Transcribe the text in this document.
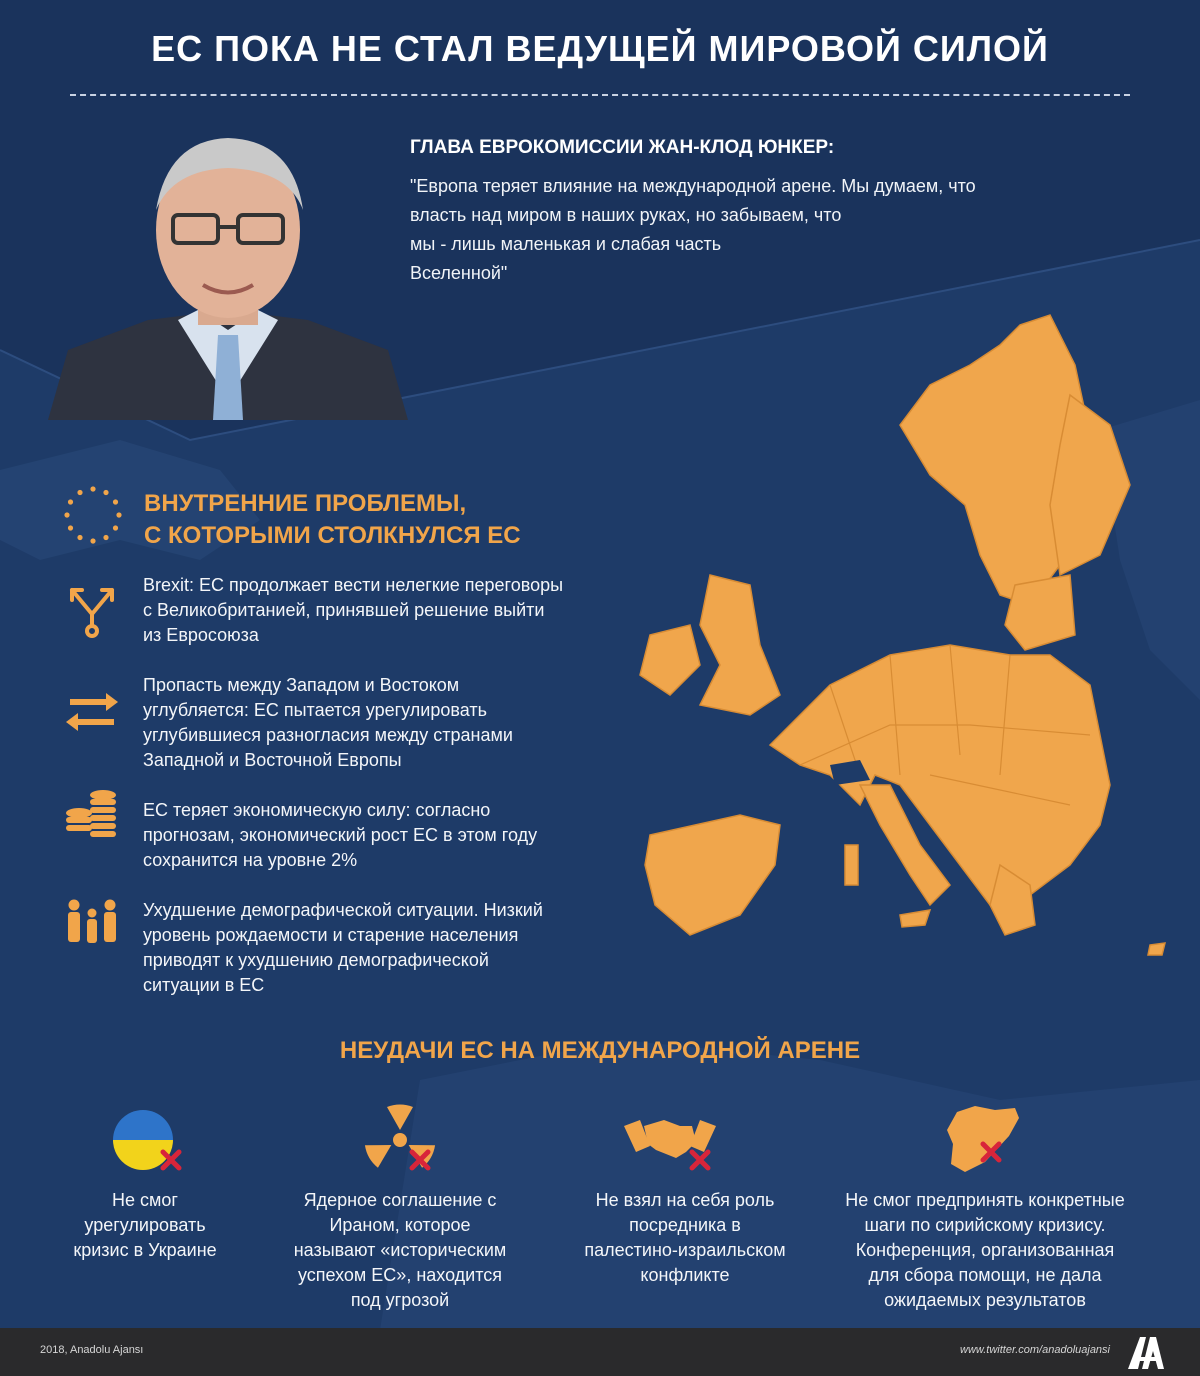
ЕС ПОКА НЕ СТАЛ ВЕДУЩЕЙ МИРОВОЙ СИЛОЙ
ГЛАВА ЕВРОКОМИССИИ ЖАН-КЛОД ЮНКЕР:
"Европа теряет влияние на международной арене. Мы думаем, что
власть над миром в наших руках, но забываем, что
мы - лишь маленькая и слабая часть
Вселенной"
ВНУТРЕННИЕ ПРОБЛЕМЫ,
С КОТОРЫМИ СТОЛКНУЛСЯ ЕС
Brexit: ЕС продолжает вести нелегкие переговоры
с Великобританией, принявшей решение выйти
из Евросоюза
Пропасть между Западом и Востоком
углубляется: ЕС пытается урегулировать
углубившиеся разногласия между странами
Западной и Восточной Европы
ЕС теряет экономическую силу: согласно
прогнозам, экономический рост ЕС в этом году
сохранится на уровне 2%
Ухудшение демографической ситуации. Низкий
уровень рождаемости и старение населения
приводят к ухудшению демографической
ситуации в ЕС
НЕУДАЧИ ЕС НА МЕЖДУНАРОДНОЙ АРЕНЕ
Не смог
урегулировать
кризис в Украине
Ядерное соглашение с
Ираном, которое
называют «историческим
успехом ЕС», находится
под угрозой
Не взял на себя роль
посредника в
палестино-израильском
конфликте
Не смог предпринять конкретные
шаги по сирийскому кризису.
Конференция, организованная
для сбора помощи, не дала
ожидаемых результатов
2018, Anadolu Ajansı	www.twitter.com/anadoluajansi
